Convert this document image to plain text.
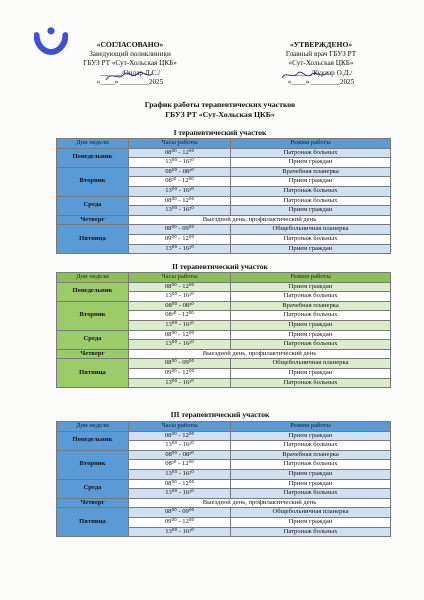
«СОГЛАСОВАНО»
Заведующий поликлиники
ГБУЗ РТ «Сут-Хольская ЦКБ»
______/Ондар Л.С./
«____» ________2025
«УТВЕРЖДЕНО»
Главный врач ГБУЗ РТ
«Сут-Хольская ЦКБ»
______/Куулар О.Д./
«____» ________2025
График работы терапевтических участков
ГБУЗ РТ «Сут-Хольская ЦКБ»
I терапевтический участок
Дни недели	Часы работы	Режим работы
Понедельник	08⁰⁰ - 12⁰⁰	Патронаж больных
	13⁰⁰ - 16²⁰	Прием граждан
Вторник	08⁰⁰ - 08³⁰	Врачебная планерка
	08³⁰ - 12⁰⁰	Прием граждан
	13⁰⁰ - 16²⁰	Патронаж больных
Среда	08⁰⁰ - 12⁰⁰	Патронаж больных
	13⁰⁰ - 16²⁰	Прием граждан
Четверг	Выездной день, профилактический день	
Пятница	08⁰⁰ - 09⁰⁰	Общебольничная планерка
	09⁰⁰ - 12⁰⁰	Патронаж больных
	13⁰⁰ - 16²⁰	Прием граждан
II терапевтический участок
Дни недели	Часы работы	Режим работы
Понедельник	08⁰⁰ - 12⁰⁰	Прием граждан
	13⁰⁰ - 16²⁰	Патронаж больных
Вторник	08⁰⁰ - 08³⁰	Врачебная планерка
	08³⁰ - 12⁰⁰	Патронаж больных
	13⁰⁰ - 16²⁰	Прием граждан
Среда	08⁰⁰ - 12⁰⁰	Прием граждан
	13⁰⁰ - 16²⁰	Патронаж больных
Четверг	Выездной день, профилактический день	
Пятница	08⁰⁰ - 09⁰⁰	Общебольничная планерка
	09⁰⁰ - 12⁰⁰	Прием граждан
	13⁰⁰ - 16²⁰	Патронаж больных
III терапевтический участок
Дни недели	Часы работы	Режим работы
Понедельник	08⁰⁰ - 12⁰⁰	Прием граждан
	13⁰⁰ - 16²⁰	Патронаж больных
Вторник	08⁰⁰ - 08³⁰	Врачебная планерка
	08³⁰ - 12⁰⁰	Патронаж больных
	13⁰⁰ - 16²⁰	Прием граждан
Среда	08⁰⁰ - 12⁰⁰	Прием граждан
	13⁰⁰ - 16²⁰	Патронаж больных
Четверг	Выездной день, профилактический день	
Пятница	08⁰⁰ - 09⁰⁰	Общебольничная планерка
	09⁰⁰ - 12⁰⁰	Прием граждан
	13⁰⁰ - 16²⁰	Патронаж больных
